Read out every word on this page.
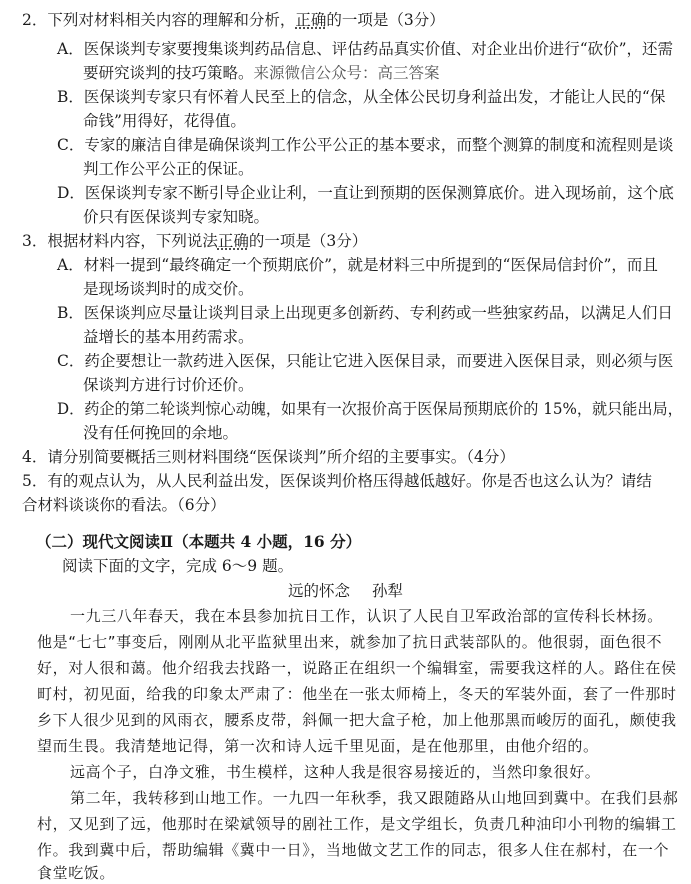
2．下列对材料相关内容的理解和分析，正确的一项是（3分）
A．医保谈判专家要搜集谈判药品信息、评估药品真实价值、对企业出价进行“砍价”，还需
要研究谈判的技巧策略。来源微信公众号：高三答案
B．医保谈判专家只有怀着人民至上的信念，从全体公民切身利益出发，才能让人民的“保
命钱”用得好，花得值。
C．专家的廉洁自律是确保谈判工作公平公正的基本要求，而整个测算的制度和流程则是谈
判工作公平公正的保证。
D．医保谈判专家不断引导企业让利，一直让到预期的医保测算底价。进入现场前，这个底
价只有医保谈判专家知晓。
3．根据材料内容，下列说法正确的一项是（3分）
A．材料一提到“最终确定一个预期底价”，就是材料三中所提到的“医保局信封价”，而且
是现场谈判时的成交价。
B．医保谈判应尽量让谈判目录上出现更多创新药、专利药或一些独家药品，以满足人们日
益增长的基本用药需求。
C．药企要想让一款药进入医保，只能让它进入医保目录，而要进入医保目录，则必须与医
保谈判方进行讨价还价。
D．药企的第二轮谈判惊心动魄，如果有一次报价高于医保局预期底价的 15%，就只能出局，
没有任何挽回的余地。
4．请分别简要概括三则材料围绕“医保谈判”所介绍的主要事实。（4分）
5．有的观点认为，从人民利益出发，医保谈判价格压得越低越好。你是否也这么认为？请结
合材料谈谈你的看法。（6分）
（二）现代文阅读Ⅱ（本题共 4 小题，16 分）
阅读下面的文字，完成 6～9 题。
远的怀念 孙犁
一九三八年春天，我在本县参加抗日工作，认识了人民自卫军政治部的宣传科长林扬。
他是“七七”事变后，刚刚从北平监狱里出来，就参加了抗日武装部队的。他很弱，面色很不
好，对人很和蔼。他介绍我去找路一，说路正在组织一个编辑室，需要我这样的人。路住在侯
町村，初见面，给我的印象太严肃了：他坐在一张太师椅上，冬天的军装外面，套了一件那时
乡下人很少见到的风雨衣，腰系皮带，斜佩一把大盒子枪，加上他那黑而峻厉的面孔，颇使我
望而生畏。我清楚地记得，第一次和诗人远千里见面，是在他那里，由他介绍的。
远高个子，白净文雅，书生模样，这种人我是很容易接近的，当然印象很好。
第二年，我转移到山地工作。一九四一年秋季，我又跟随路从山地回到冀中。在我们县郝
村，又见到了远，他那时在梁斌领导的剧社工作，是文学组长，负责几种油印小刊物的编辑工
作。我到冀中后，帮助编辑《冀中一日》，当地做文艺工作的同志，很多人住在郝村，在一个
食堂吃饭。
